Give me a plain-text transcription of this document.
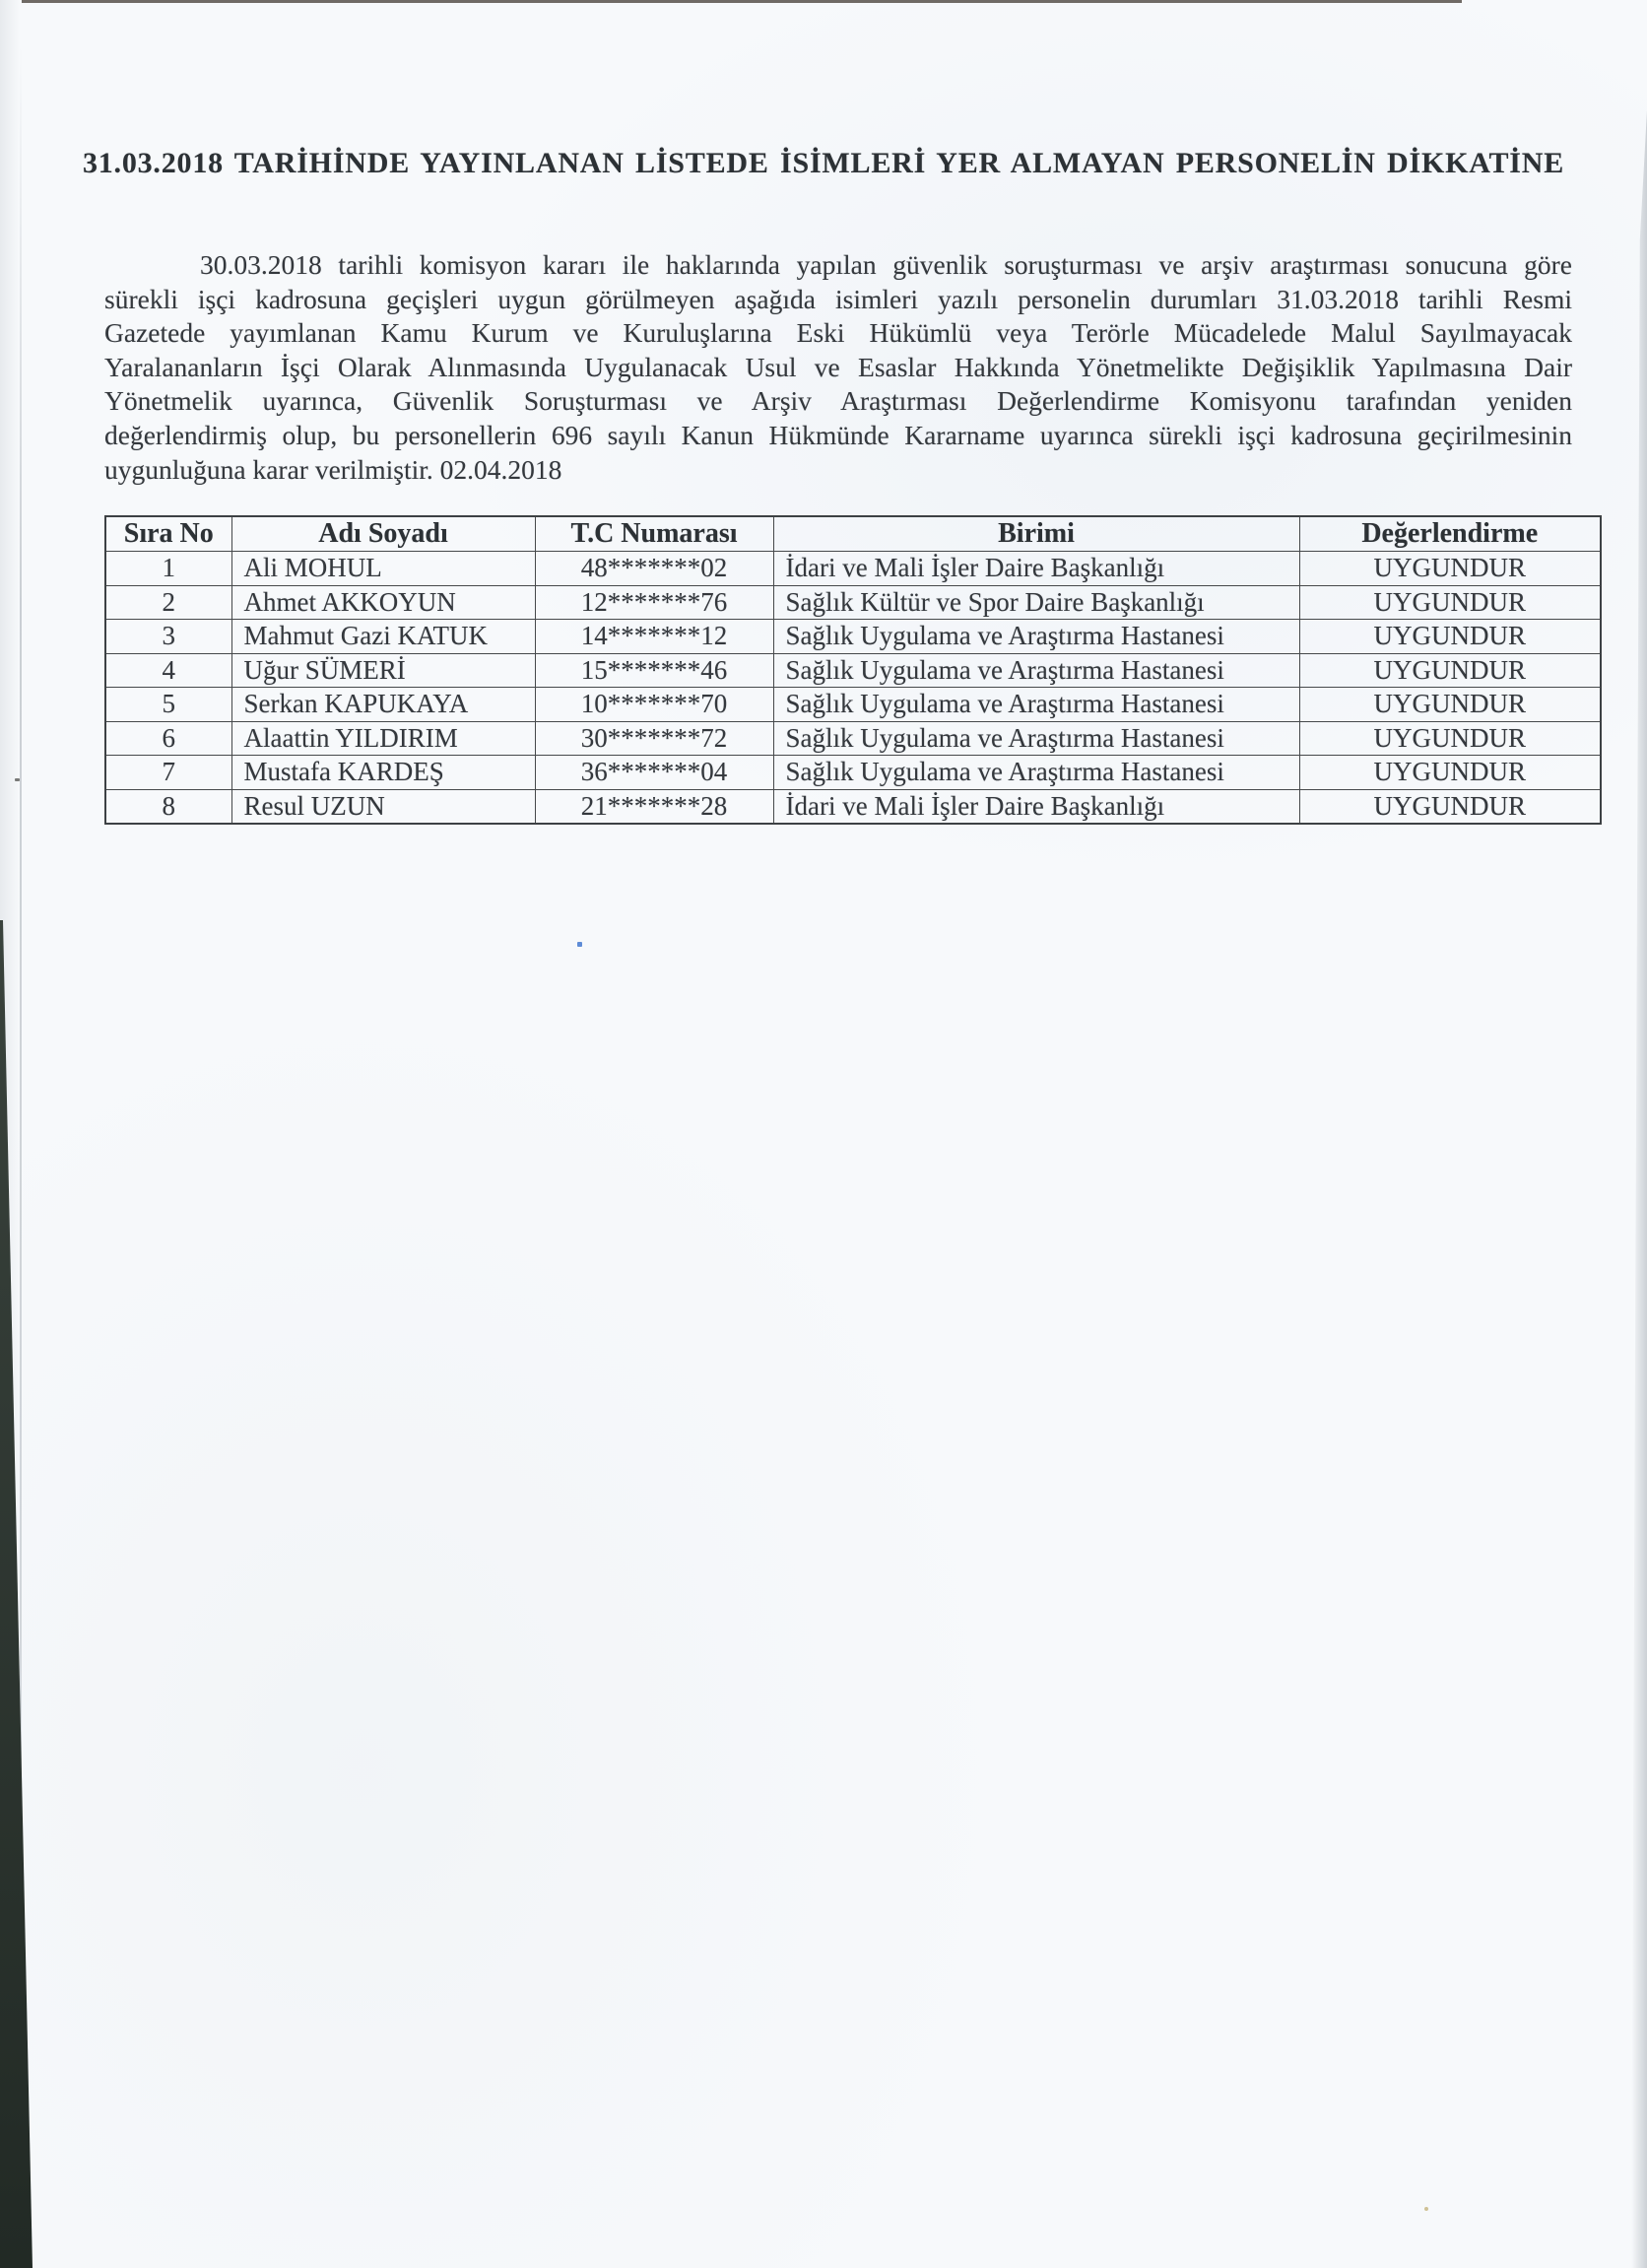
31.03.2018 TARİHİNDE YAYINLANAN LİSTEDE İSİMLERİ YER ALMAYAN PERSONELİN DİKKATİNE
30.03.2018 tarihli komisyon kararı ile haklarında yapılan güvenlik soruşturması ve arşiv araştırması sonucuna göre
sürekli işçi kadrosuna geçişleri uygun görülmeyen aşağıda isimleri yazılı personelin durumları 31.03.2018 tarihli Resmi
Gazetede yayımlanan Kamu Kurum ve Kuruluşlarına Eski Hükümlü veya Terörle Mücadelede Malul Sayılmayacak
Yaralananların İşçi Olarak Alınmasında Uygulanacak Usul ve Esaslar Hakkında Yönetmelikte Değişiklik Yapılmasına Dair
Yönetmelik uyarınca, Güvenlik Soruşturması ve Arşiv Araştırması Değerlendirme Komisyonu tarafından yeniden
değerlendirmiş olup, bu personellerin 696 sayılı Kanun Hükmünde Kararname uyarınca sürekli işçi kadrosuna geçirilmesinin
uygunluğuna karar verilmiştir. 02.04.2018
Sıra No	Adı Soyadı	T.C Numarası	Birimi	Değerlendirme
1	Ali MOHUL	48*******02	İdari ve Mali İşler Daire Başkanlığı	UYGUNDUR
2	Ahmet AKKOYUN	12*******76	Sağlık Kültür ve Spor Daire Başkanlığı	UYGUNDUR
3	Mahmut Gazi KATUK	14*******12	Sağlık Uygulama ve Araştırma Hastanesi	UYGUNDUR
4	Uğur SÜMERİ	15*******46	Sağlık Uygulama ve Araştırma Hastanesi	UYGUNDUR
5	Serkan KAPUKAYA	10*******70	Sağlık Uygulama ve Araştırma Hastanesi	UYGUNDUR
6	Alaattin YILDIRIM	30*******72	Sağlık Uygulama ve Araştırma Hastanesi	UYGUNDUR
7	Mustafa KARDEŞ	36*******04	Sağlık Uygulama ve Araştırma Hastanesi	UYGUNDUR
8	Resul UZUN	21*******28	İdari ve Mali İşler Daire Başkanlığı	UYGUNDUR
